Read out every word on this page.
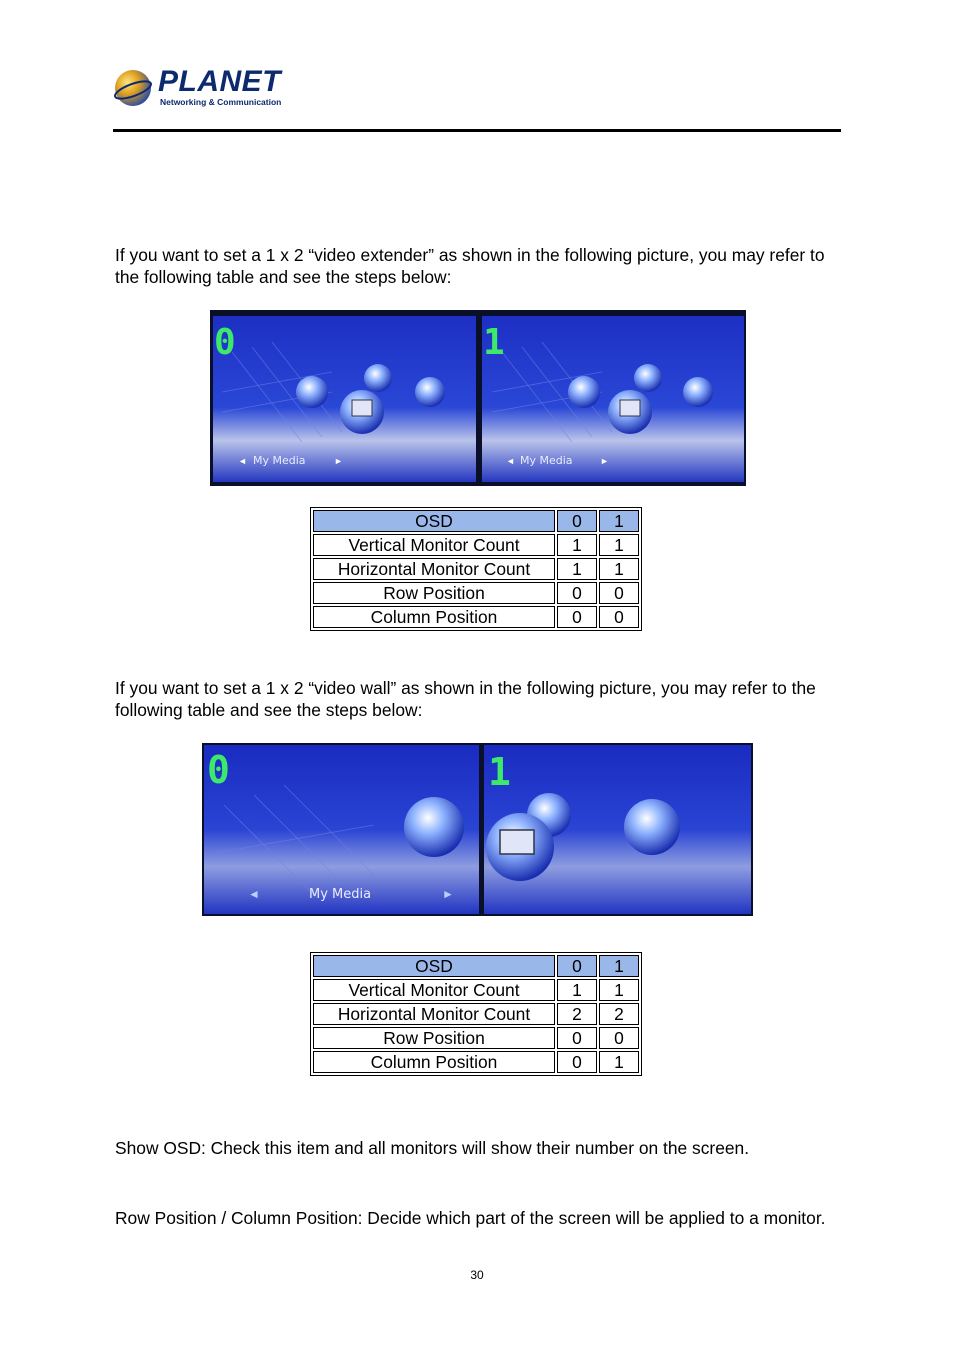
PLANET
Networking & Communication

If you want to set a 1 x 2 “video extender” as shown in the following picture, you may refer to the following table and see the steps below:

0
◄ My Media	►
1
◄ My Media	►
OSD	0	1
Vertical Monitor Count	1	1
Horizontal Monitor Count	1	1
Row Position	0	0
Column Position	0	0

If you want to set a 1 x 2 “video wall” as shown in the following picture, you may refer to the following table and see the steps below:

0
◄	My Media	►
1
OSD	0	1
Vertical Monitor Count	1	1
Horizontal Monitor Count	2	2
Row Position	0	0
Column Position	0	1

Show OSD: Check this item and all monitors will show their number on the screen.

Row Position / Column Position: Decide which part of the screen will be applied to a monitor.

30
